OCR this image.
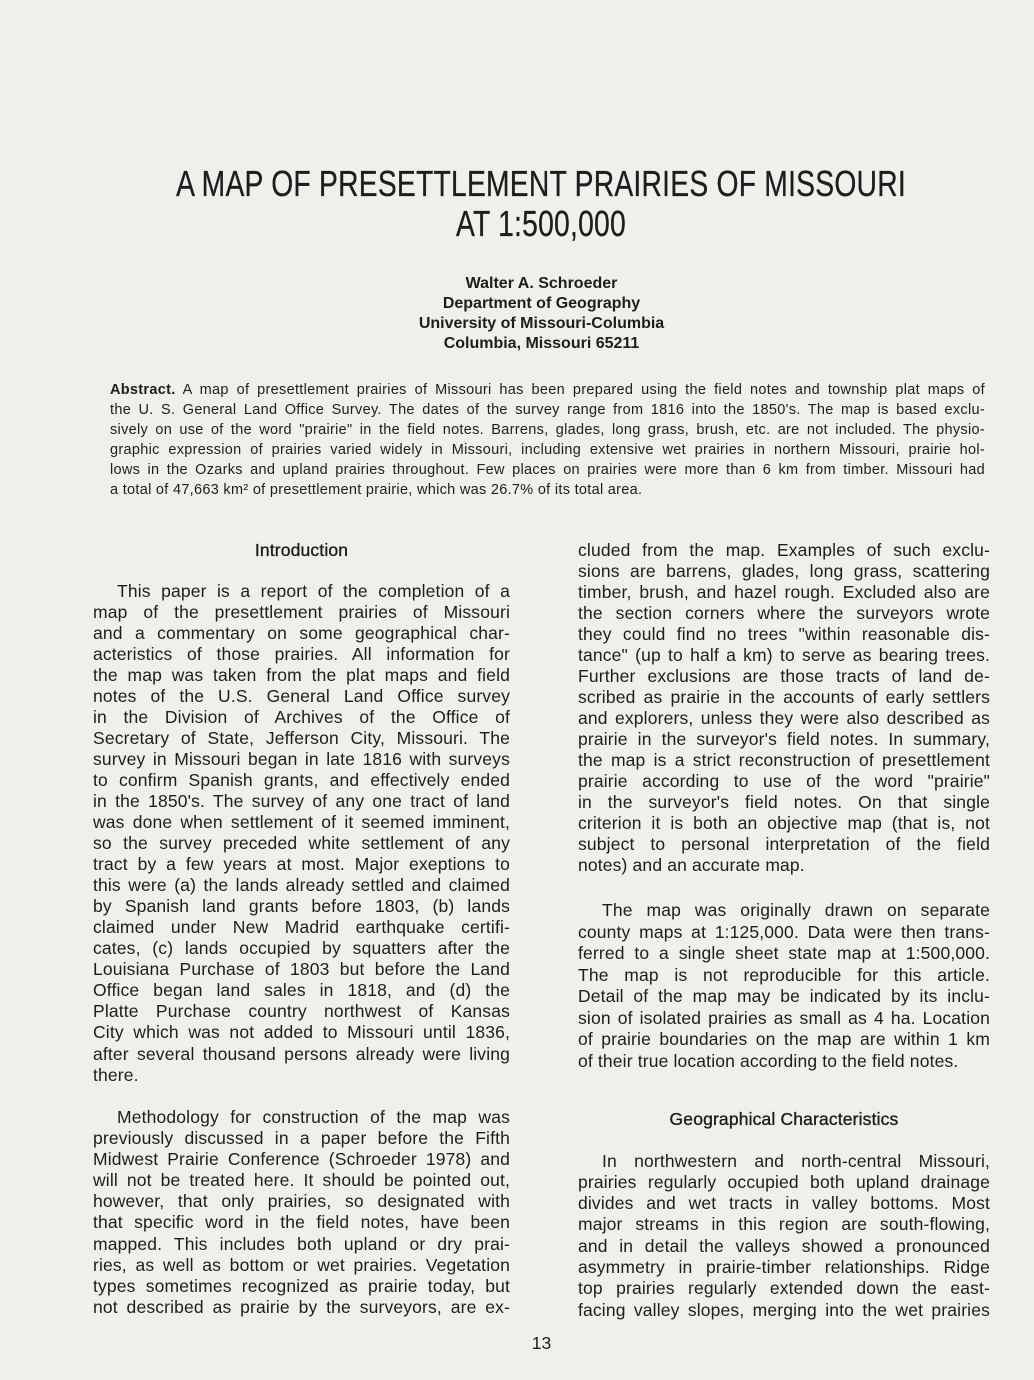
A MAP OF PRESETTLEMENT PRAIRIES OF MISSOURI
AT 1:500,000
Walter A. Schroeder
Department of Geography
University of Missouri-Columbia
Columbia, Missouri 65211
Abstract. A map of presettlement prairies of Missouri has been prepared using the field notes and township plat maps of
the U. S. General Land Office Survey. The dates of the survey range from 1816 into the 1850's. The map is based exclu-
sively on use of the word "prairie" in the field notes. Barrens, glades, long grass, brush, etc. are not included. The physio-
graphic expression of prairies varied widely in Missouri, including extensive wet prairies in northern Missouri, prairie hol-
lows in the Ozarks and upland prairies throughout. Few places on prairies were more than 6 km from timber. Missouri had
a total of 47,663 km² of presettlement prairie, which was 26.7% of its total area.
Introduction
This paper is a report of the completion of a
map of the presettlement prairies of Missouri
and a commentary on some geographical char-
acteristics of those prairies. All information for
the map was taken from the plat maps and field
notes of the U.S. General Land Office survey
in the Division of Archives of the Office of
Secretary of State, Jefferson City, Missouri. The
survey in Missouri began in late 1816 with surveys
to confirm Spanish grants, and effectively ended
in the 1850's. The survey of any one tract of land
was done when settlement of it seemed imminent,
so the survey preceded white settlement of any
tract by a few years at most. Major exeptions to
this were (a) the lands already settled and claimed
by Spanish land grants before 1803, (b) lands
claimed under New Madrid earthquake certifi-
cates, (c) lands occupied by squatters after the
Louisiana Purchase of 1803 but before the Land
Office began land sales in 1818, and (d) the
Platte Purchase country northwest of Kansas
City which was not added to Missouri until 1836,
after several thousand persons already were living
there.
Methodology for construction of the map was
previously discussed in a paper before the Fifth
Midwest Prairie Conference (Schroeder 1978) and
will not be treated here. It should be pointed out,
however, that only prairies, so designated with
that specific word in the field notes, have been
mapped. This includes both upland or dry prai-
ries, as well as bottom or wet prairies. Vegetation
types sometimes recognized as prairie today, but
not described as prairie by the surveyors, are ex-
cluded from the map. Examples of such exclu-
sions are barrens, glades, long grass, scattering
timber, brush, and hazel rough. Excluded also are
the section corners where the surveyors wrote
they could find no trees "within reasonable dis-
tance" (up to half a km) to serve as bearing trees.
Further exclusions are those tracts of land de-
scribed as prairie in the accounts of early settlers
and explorers, unless they were also described as
prairie in the surveyor's field notes. In summary,
the map is a strict reconstruction of presettlement
prairie according to use of the word "prairie"
in the surveyor's field notes. On that single
criterion it is both an objective map (that is, not
subject to personal interpretation of the field
notes) and an accurate map.
The map was originally drawn on separate
county maps at 1:125,000. Data were then trans-
ferred to a single sheet state map at 1:500,000.
The map is not reproducible for this article.
Detail of the map may be indicated by its inclu-
sion of isolated prairies as small as 4 ha. Location
of prairie boundaries on the map are within 1 km
of their true location according to the field notes.
Geographical Characteristics
In northwestern and north-central Missouri,
prairies regularly occupied both upland drainage
divides and wet tracts in valley bottoms. Most
major streams in this region are south-flowing,
and in detail the valleys showed a pronounced
asymmetry in prairie-timber relationships. Ridge
top prairies regularly extended down the east-
facing valley slopes, merging into the wet prairies
13
